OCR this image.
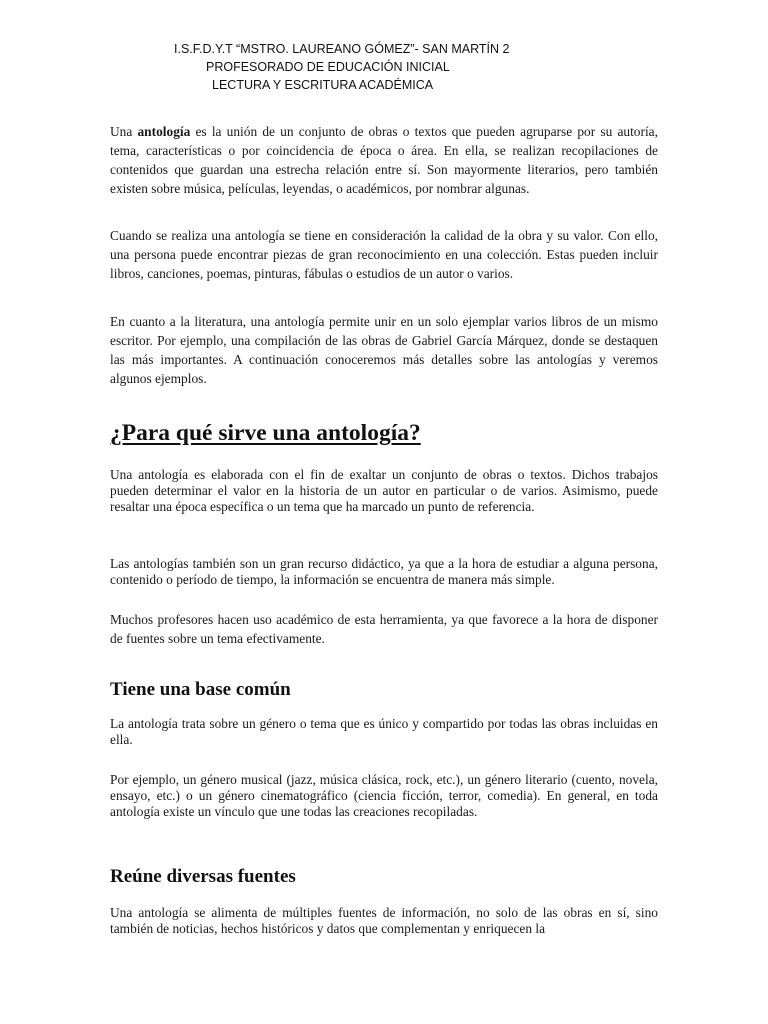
I.S.F.D.Y.T “MSTRO. LAUREANO GÓMEZ”- SAN MARTÍN 2
PROFESORADO DE EDUCACIÓN INICIAL
LECTURA Y ESCRITURA ACADÉMICA

Una antología es la unión de un conjunto de obras o textos que pueden agruparse por su autoría, tema, características o por coincidencia de época o área. En ella, se realizan recopilaciones de contenidos que guardan una estrecha relación entre sí. Son mayormente literarios, pero también existen sobre música, películas, leyendas, o académicos, por nombrar algunas.

Cuando se realiza una antología se tiene en consideración la calidad de la obra y su valor. Con ello, una persona puede encontrar piezas de gran reconocimiento en una colección. Estas pueden incluir libros, canciones, poemas, pinturas, fábulas o estudios de un autor o varios.

En cuanto a la literatura, una antología permite unir en un solo ejemplar varios libros de un mismo escritor. Por ejemplo, una compilación de las obras de Gabriel García Márquez, donde se destaquen las más importantes. A continuación conoceremos más detalles sobre las antologías y veremos algunos ejemplos.

¿Para qué sirve una antología?

Una antología es elaborada con el fin de exaltar un conjunto de obras o textos. Dichos trabajos pueden determinar el valor en la historia de un autor en particular o de varios. Asimismo, puede resaltar una época específica o un tema que ha marcado un punto de referencia.

Las antologías también son un gran recurso didáctico, ya que a la hora de estudiar a alguna persona, contenido o período de tiempo, la información se encuentra de manera más simple.

Muchos profesores hacen uso académico de esta herramienta, ya que favorece a la hora de disponer de fuentes sobre un tema efectivamente.

Tiene una base común

La antología trata sobre un género o tema que es único y compartido por todas las obras incluidas en ella.

Por ejemplo, un género musical (jazz, música clásica, rock, etc.), un género literario (cuento, novela, ensayo, etc.) o un género cinematográfico (ciencia ficción, terror, comedia). En general, en toda antología existe un vínculo que une todas las creaciones recopiladas.

Reúne diversas fuentes

Una antología se alimenta de múltiples fuentes de información, no solo de las obras en sí, sino también de noticias, hechos históricos y datos que complementan y enriquecen la
